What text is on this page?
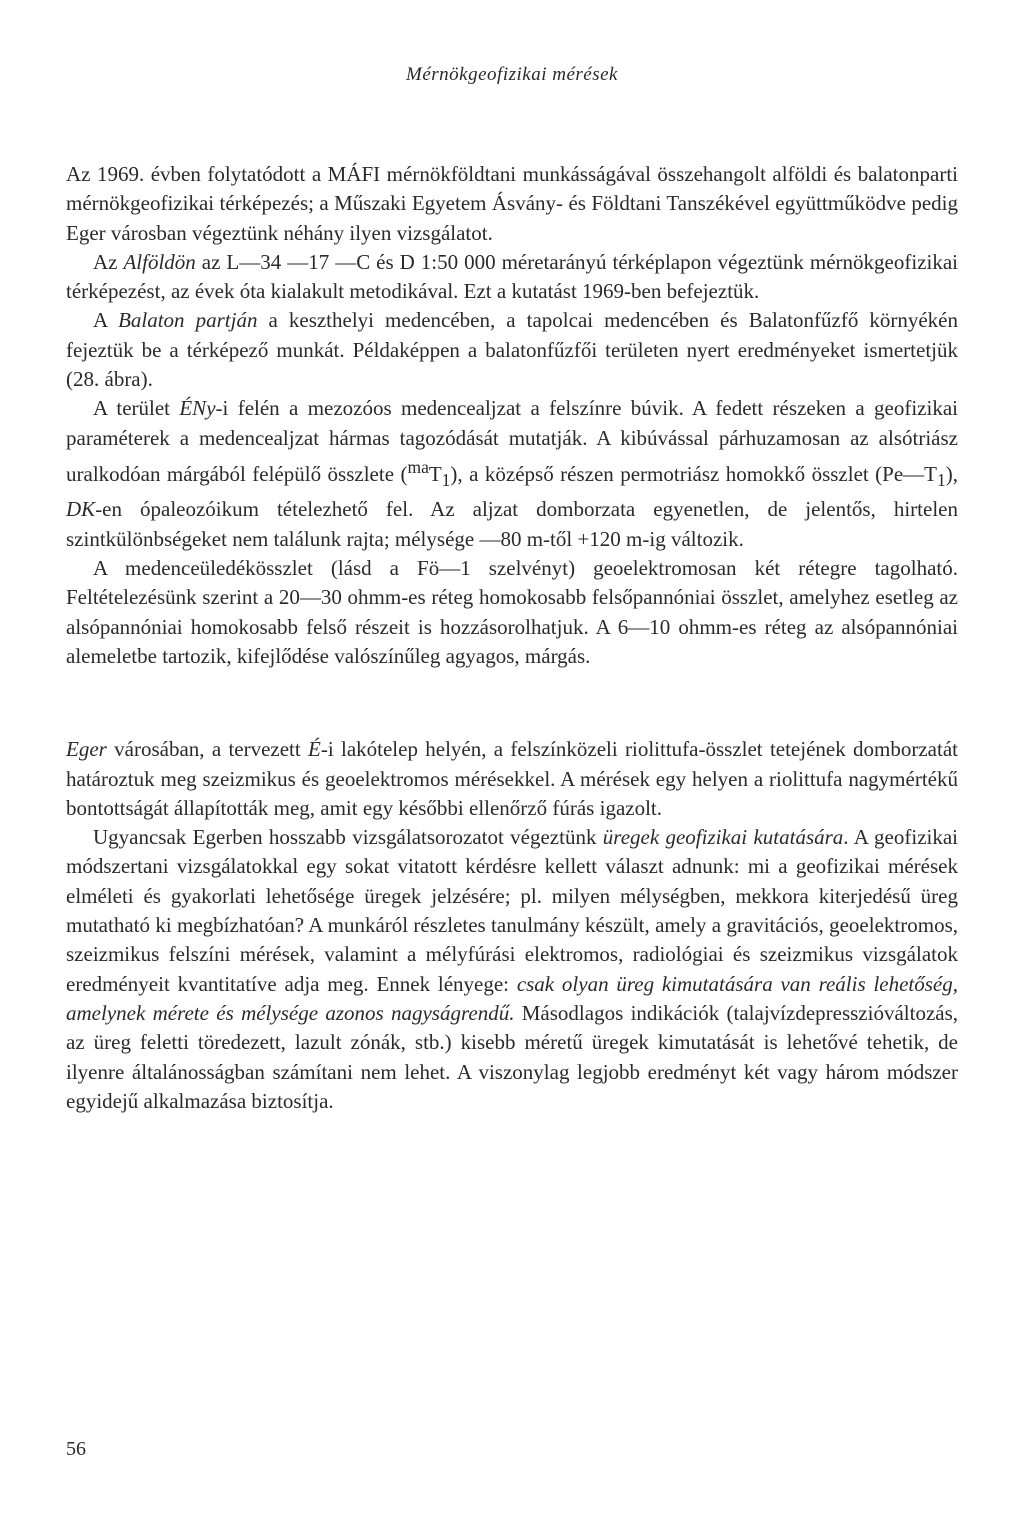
Mérnökgeofizikai mérések

Az 1969. évben folytatódott a MÁFI mérnökföldtani munkásságával összehangolt alföldi és balatonparti mérnökgeofizikai térképezés; a Műszaki Egyetem Ásvány- és Földtani Tanszékével együttműködve pedig Eger városban végeztünk néhány ilyen vizsgálatot.

Az Alföldön az L—34 —17 —C és D 1:50 000 méretarányú térképlapon végeztünk mérnökgeofizikai térképezést, az évek óta kialakult metodikával. Ezt a kutatást 1969-ben befejeztük.

A Balaton partján a keszthelyi medencében, a tapolcai medencében és Balatonfűzfő környékén fejeztük be a térképező munkát. Példaképpen a balatonfűzfői területen nyert eredményeket ismertetjük (28. ábra).

A terület ÉNy-i felén a mezozóos medencealjzat a felszínre búvik. A fedett részeken a geofizikai paraméterek a medencealjzat hármas tagozódását mutatják. A kibúvással párhuzamosan az alsótriász uralkodóan márgából felépülő összlete $(^{ma}T_1)$, a középső részen permotriász homokkő összlet $(Pe—T_1)$, DK-en ópaleozóikum tételezhető fel. Az aljzat domborzata egyenetlen, de jelentős, hirtelen szintkülönbségeket nem találunk rajta; mélysége —80 m-től +120 m-ig változik.

A medenceüledékösszlet (lásd a Fö—1 szelvényt) geoelektromosan két rétegre tagolható. Feltételezésünk szerint a 20—30 ohmm-es réteg homokosabb felsőpannóniai összlet, amelyhez esetleg az alsópannóniai homokosabb felső részeit is hozzásorolhatjuk. A 6—10 ohmm-es réteg az alsópannóniai alemeletbe tartozik, kifejlődése valószínűleg agyagos, márgás.

Eger városában, a tervezett É-i lakótelep helyén, a felszínközeli riolittufa-összlet tetejének domborzatát határoztuk meg szeizmikus és geoelektromos mérésekkel. A mérések egy helyen a riolittufa nagymértékű bontottságát állapították meg, amit egy későbbi ellenőrző fúrás igazolt.

Ugyancsak Egerben hosszabb vizsgálatsorozatot végeztünk üregek geofizikai kutatására. A geofizikai módszertani vizsgálatokkal egy sokat vitatott kérdésre kellett választ adnunk: mi a geofizikai mérések elméleti és gyakorlati lehetősége üregek jelzésére; pl. milyen mélységben, mekkora kiterjedésű üreg mutatható ki megbízhatóan? A munkáról részletes tanulmány készült, amely a gravitációs, geoelektromos, szeizmikus felszíni mérések, valamint a mélyfúrási elektromos, radiológiai és szeizmikus vizsgálatok eredményeit kvantitatíve adja meg. Ennek lényege: csak olyan üreg kimutatására van reális lehetőség, amelynek mérete és mélysége azonos nagyságrendű. Másodlagos indikációk (talajvízdepresszióváltozás, az üreg feletti töredezett, lazult zónák, stb.) kisebb méretű üregek kimutatását is lehetővé tehetik, de ilyenre általánosságban számítani nem lehet. A viszonylag legjobb eredményt két vagy három módszer egyidejű alkalmazása biztosítja.

56
